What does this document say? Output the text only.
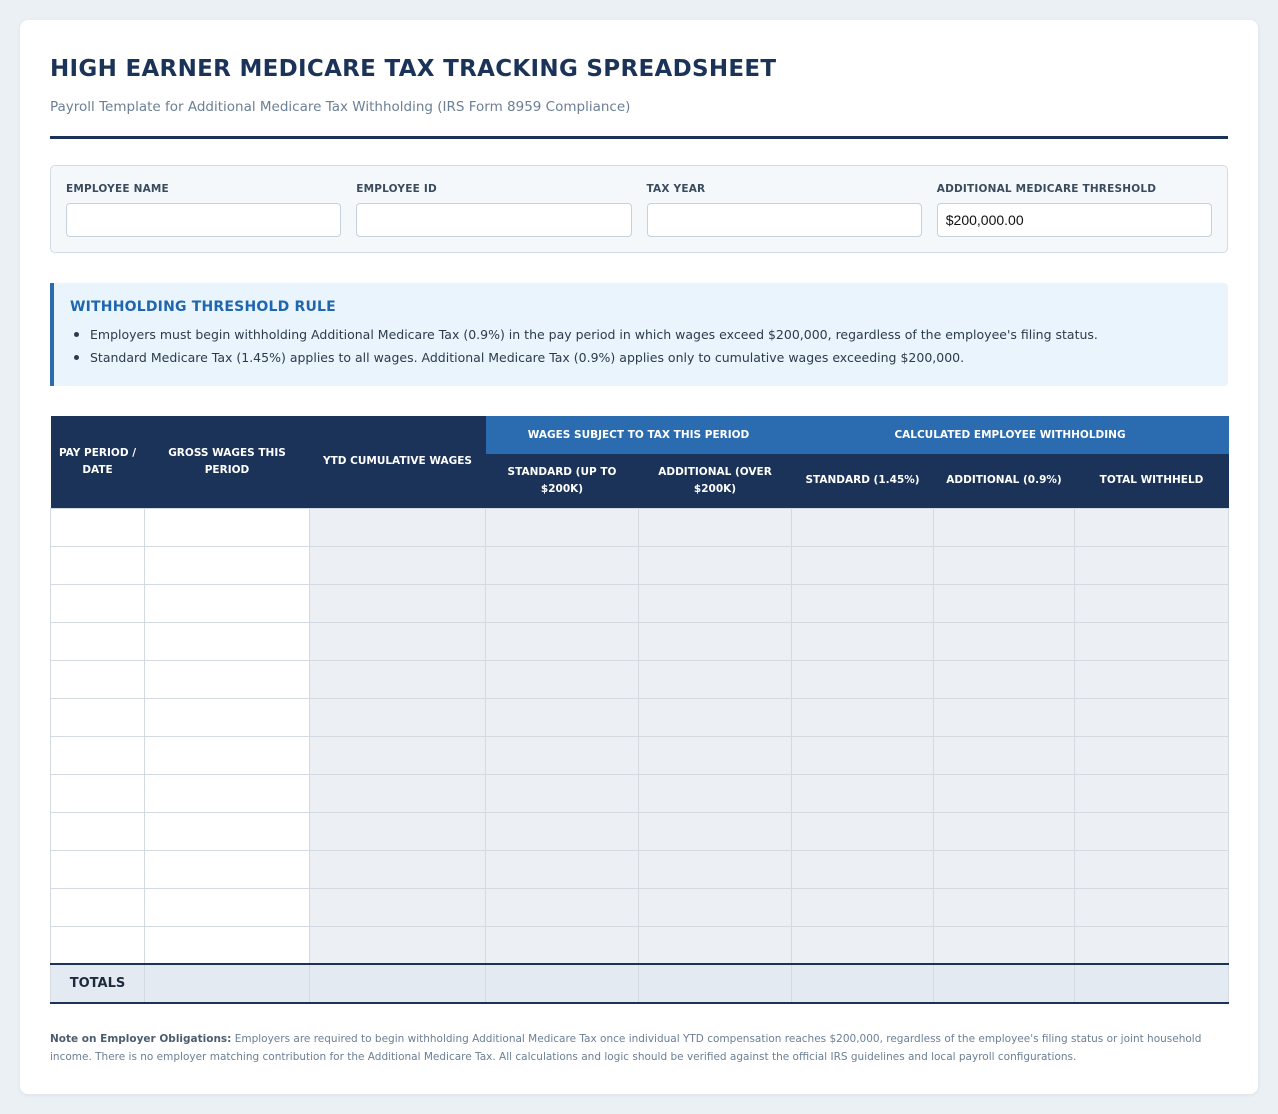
HIGH EARNER MEDICARE TAX TRACKING SPREADSHEET
Payroll Template for Additional Medicare Tax Withholding (IRS Form 8959 Compliance)
EMPLOYEE NAME	EMPLOYEE ID	TAX YEAR	ADDITIONAL MEDICARE THRESHOLD
$200,000.00
WITHHOLDING THRESHOLD RULE
Employers must begin withholding Additional Medicare Tax (0.9%) in the pay period in which wages exceed $200,000, regardless of the employee's filing status.
Standard Medicare Tax (1.45%) applies to all wages. Additional Medicare Tax (0.9%) applies only to cumulative wages exceeding $200,000.
PAY PERIOD / DATE	GROSS WAGES THIS PERIOD	YTD CUMULATIVE WAGES	WAGES SUBJECT TO TAX THIS PERIOD		CALCULATED EMPLOYEE WITHHOLDING		
			STANDARD (UP TO $200K)	ADDITIONAL (OVER $200K)	STANDARD (1.45%)	ADDITIONAL (0.9%)	TOTAL WITHHELD

TOTALS							

Note on Employer Obligations: Employers are required to begin withholding Additional Medicare Tax once individual YTD compensation reaches $200,000, regardless of the employee's filing status or joint household income. There is no employer matching contribution for the Additional Medicare Tax. All calculations and logic should be verified against the official IRS guidelines and local payroll configurations.
